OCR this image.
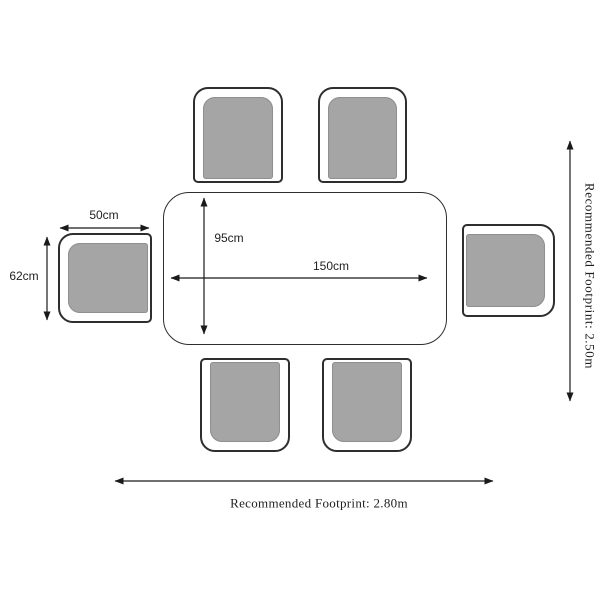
50cm
62cm
95cm
150cm
Recommended Footprint: 2.80m
Recommended Footprint: 2.50m
